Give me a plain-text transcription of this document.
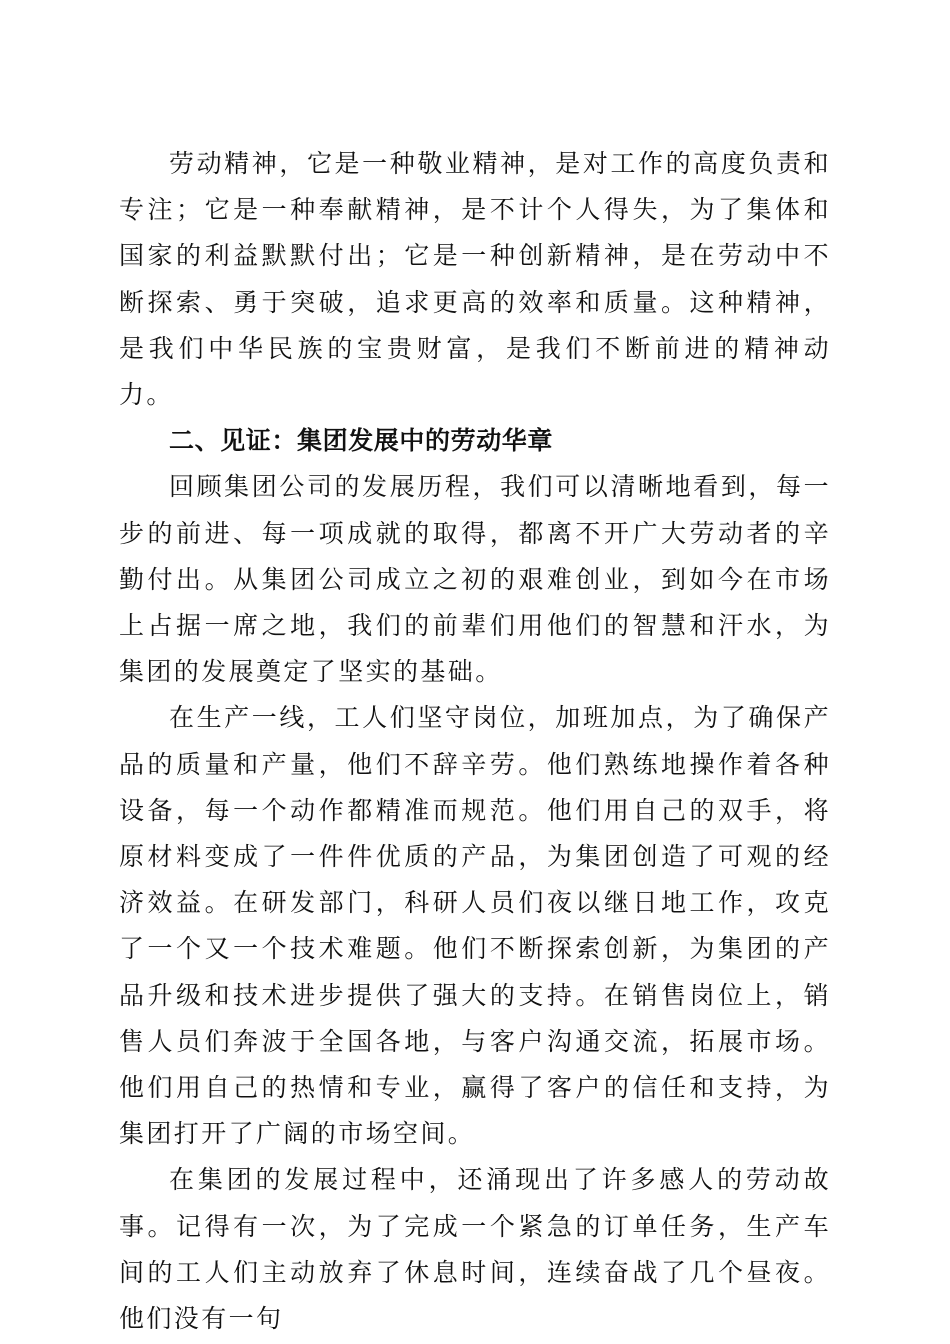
劳动精神，它是一种敬业精神，是对工作的高度负责和专注；它是一种奉献精神，是不计个人得失，为了集体和国家的利益默默付出；它是一种创新精神，是在劳动中不断探索、勇于突破，追求更高的效率和质量。这种精神，是我们中华民族的宝贵财富，是我们不断前进的精神动力。

二、见证：集团发展中的劳动华章

回顾集团公司的发展历程，我们可以清晰地看到，每一步的前进、每一项成就的取得，都离不开广大劳动者的辛勤付出。从集团公司成立之初的艰难创业，到如今在市场上占据一席之地，我们的前辈们用他们的智慧和汗水，为集团的发展奠定了坚实的基础。

在生产一线，工人们坚守岗位，加班加点，为了确保产品的质量和产量，他们不辞辛劳。他们熟练地操作着各种设备，每一个动作都精准而规范。他们用自己的双手，将原材料变成了一件件优质的产品，为集团创造了可观的经济效益。在研发部门，科研人员们夜以继日地工作，攻克了一个又一个技术难题。他们不断探索创新，为集团的产品升级和技术进步提供了强大的支持。在销售岗位上，销售人员们奔波于全国各地，与客户沟通交流，拓展市场。他们用自己的热情和专业，赢得了客户的信任和支持，为集团打开了广阔的市场空间。

在集团的发展过程中，还涌现出了许多感人的劳动故事。记得有一次，为了完成一个紧急的订单任务，生产车间的工人们主动放弃了休息时间，连续奋战了几个昼夜。他们没有一句
